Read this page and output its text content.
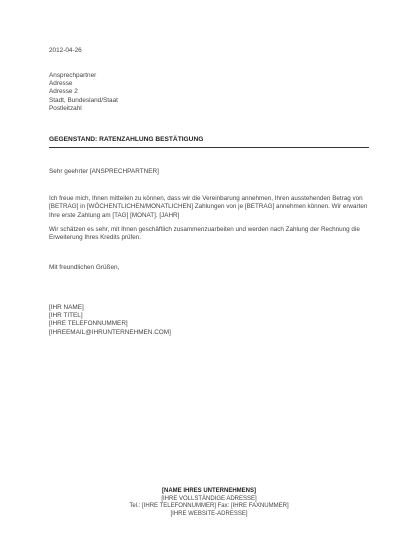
2012-04-26
Ansprechpartner
Adresse
Adresse 2
Stadt, Bundesland/Staat
Postleitzahl
GEGENSTAND: RATENZAHLUNG BESTÄTIGUNG
Sehr geehrter [ANSPRECHPARTNER]
Ich freue mich, Ihnen mitteilen zu können, dass wir die Vereinbarung annehmen, Ihren ausstehenden Betrag von [BETRAG] in [WÖCHENTLICHEN/MONATLICHEN] Zahlungen von je [BETRAG] annehmen können. Wir erwarten Ihre erste Zahlung am [TAG] [MONAT]. [JAHR]
Wir schätzen es sehr, mit Ihnen geschäftlich zusammenzuarbeiten und werden nach Zahlung der Rechnung die Erweiterung Ihres Kredits prüfen.
Mit freundlichen Grüßen,
[IHR NAME]
[IHR TITEL]
[IHRE TELEFONNUMMER]
[IHREEMAIL@IHRUNTERNEHMEN.COM]
[NAME IHRES UNTERNEHMENS]
[IHRE VOLLSTÄNDIGE ADRESSE]
Tel.: [IHRE TELEFONNUMMER] Fax: [IHRE FAXNUMMER]
[IHRE WEBSITE-ADRESSE]
